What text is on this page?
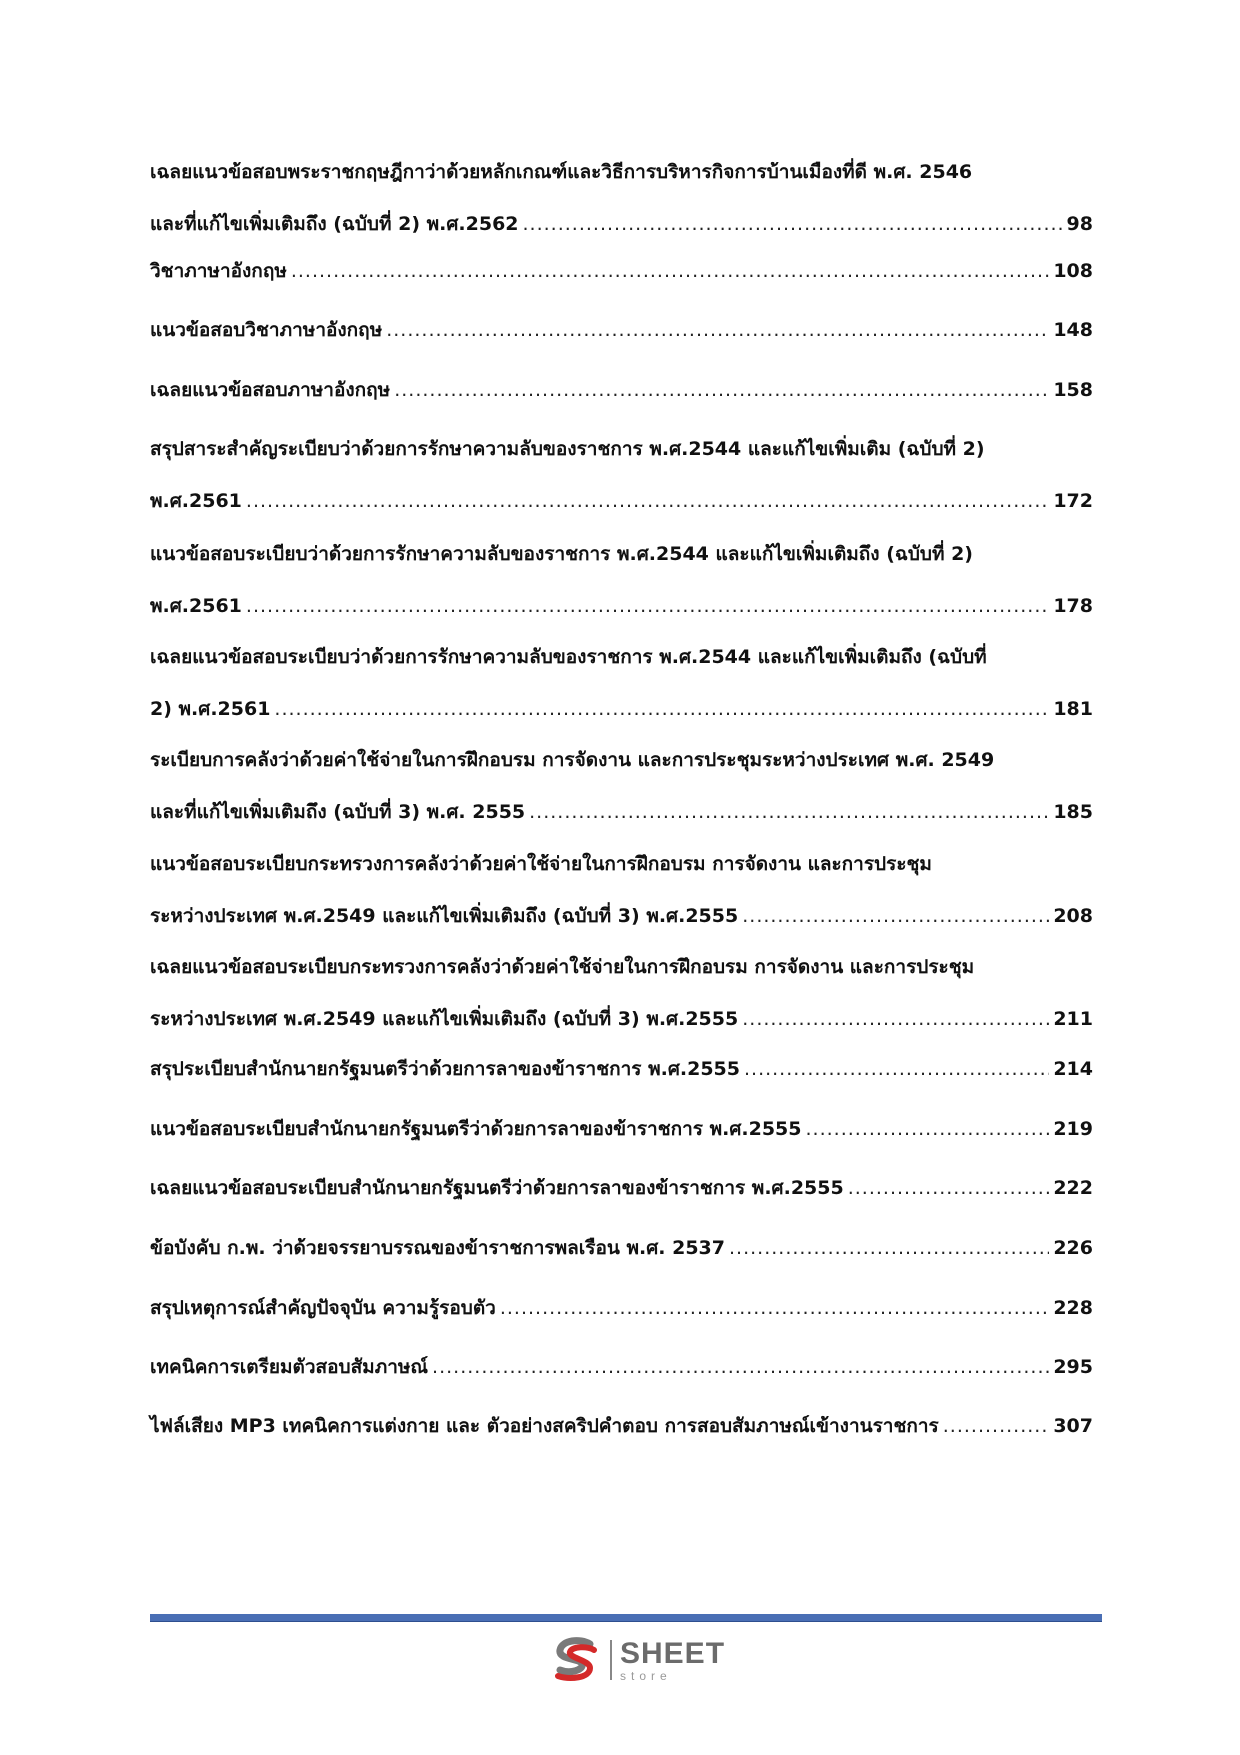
เฉลยแนวข้อสอบพระราชกฤษฎีกาว่าด้วยหลักเกณฑ์และวิธีการบริหารกิจการบ้านเมืองที่ดี พ.ศ. 2546
และที่แก้ไขเพิ่มเติมถึง (ฉบับที่ 2) พ.ศ.2562 .....	98
วิชาภาษาอังกฤษ .....	108
แนวข้อสอบวิชาภาษาอังกฤษ .....	148
เฉลยแนวข้อสอบภาษาอังกฤษ .....	158
สรุปสาระสำคัญระเบียบว่าด้วยการรักษาความลับของราชการ พ.ศ.2544 และแก้ไขเพิ่มเติม (ฉบับที่ 2)
พ.ศ.2561 .....	172
แนวข้อสอบระเบียบว่าด้วยการรักษาความลับของราชการ พ.ศ.2544 และแก้ไขเพิ่มเติมถึง (ฉบับที่ 2)
พ.ศ.2561 .....	178
เฉลยแนวข้อสอบระเบียบว่าด้วยการรักษาความลับของราชการ พ.ศ.2544 และแก้ไขเพิ่มเติมถึง (ฉบับที่
2) พ.ศ.2561 .....	181
ระเบียบการคลังว่าด้วยค่าใช้จ่ายในการฝึกอบรม การจัดงาน และการประชุมระหว่างประเทศ พ.ศ. 2549
และที่แก้ไขเพิ่มเติมถึง (ฉบับที่ 3) พ.ศ. 2555 .....	185
แนวข้อสอบระเบียบกระทรวงการคลังว่าด้วยค่าใช้จ่ายในการฝึกอบรม การจัดงาน และการประชุม
ระหว่างประเทศ พ.ศ.2549 และแก้ไขเพิ่มเติมถึง (ฉบับที่ 3) พ.ศ.2555 .....	208
เฉลยแนวข้อสอบระเบียบกระทรวงการคลังว่าด้วยค่าใช้จ่ายในการฝึกอบรม การจัดงาน และการประชุม
ระหว่างประเทศ พ.ศ.2549 และแก้ไขเพิ่มเติมถึง (ฉบับที่ 3) พ.ศ.2555 .....	211
สรุประเบียบสำนักนายกรัฐมนตรีว่าด้วยการลาของข้าราชการ พ.ศ.2555 .....	214
แนวข้อสอบระเบียบสำนักนายกรัฐมนตรีว่าด้วยการลาของข้าราชการ พ.ศ.2555 .....	219
เฉลยแนวข้อสอบระเบียบสำนักนายกรัฐมนตรีว่าด้วยการลาของข้าราชการ พ.ศ.2555 .....	222
ข้อบังคับ ก.พ. ว่าด้วยจรรยาบรรณของข้าราชการพลเรือน พ.ศ. 2537 .....	226
สรุปเหตุการณ์สำคัญปัจจุบัน ความรู้รอบตัว .....	228
เทคนิคการเตรียมตัวสอบสัมภาษณ์ .....	295
ไฟล์เสียง MP3 เทคนิคการแต่งกาย และ ตัวอย่างสคริปคำตอบ การสอบสัมภาษณ์เข้างานราชการ .....	307
SHEET
store
